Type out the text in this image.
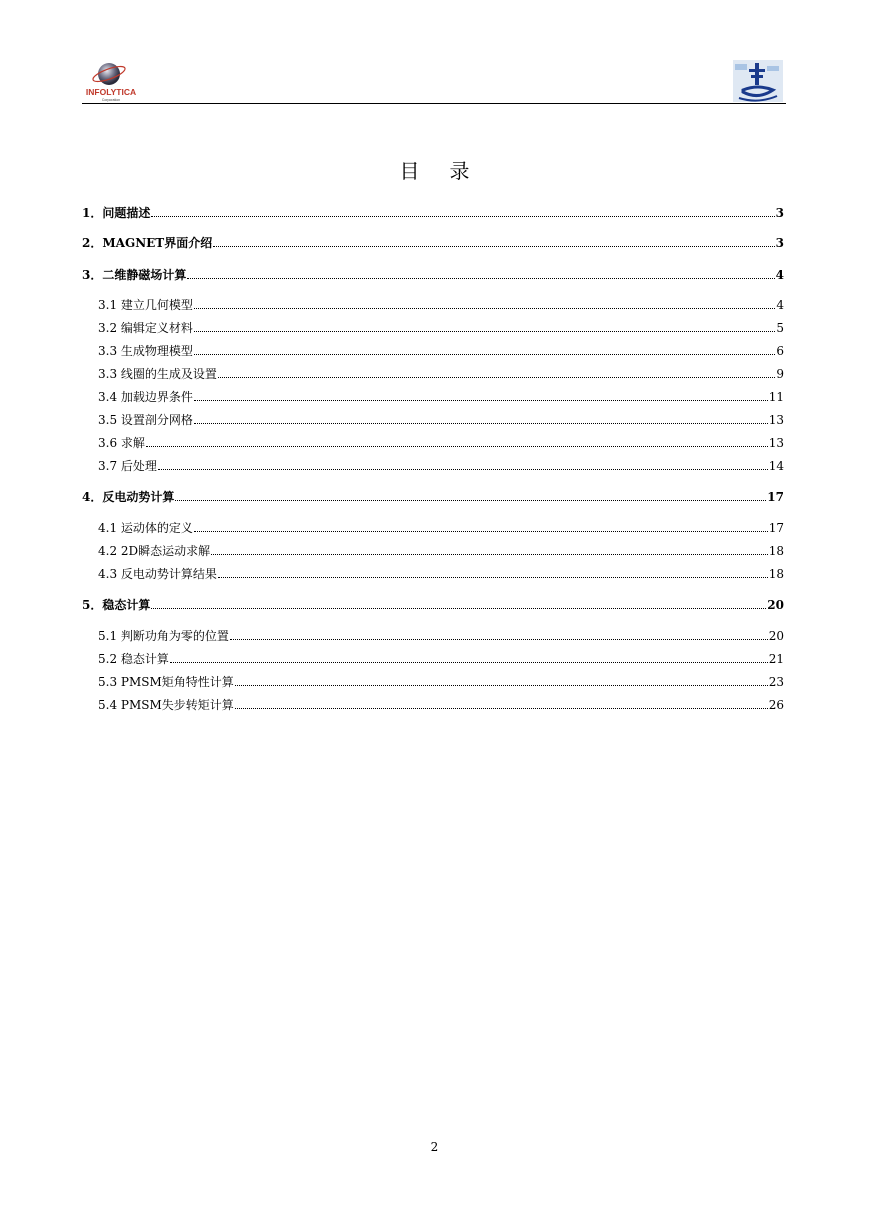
INFOLYTICA
Corporation
目录
1．问题描述	3
2．MAGNET界面介绍	3
3．二维静磁场计算	4
3.1 建立几何模型	4
3.2 编辑定义材料	5
3.3 生成物理模型	6
3.3 线圈的生成及设置	9
3.4 加载边界条件	11
3.5 设置剖分网格	13
3.6 求解	13
3.7 后处理	14
4．反电动势计算	17
4.1 运动体的定义	17
4.2 2D瞬态运动求解	18
4.3 反电动势计算结果	18
5．稳态计算	20
5.1 判断功角为零的位置	20
5.2 稳态计算	21
5.3 PMSM矩角特性计算	23
5.4 PMSM失步转矩计算	26
2
